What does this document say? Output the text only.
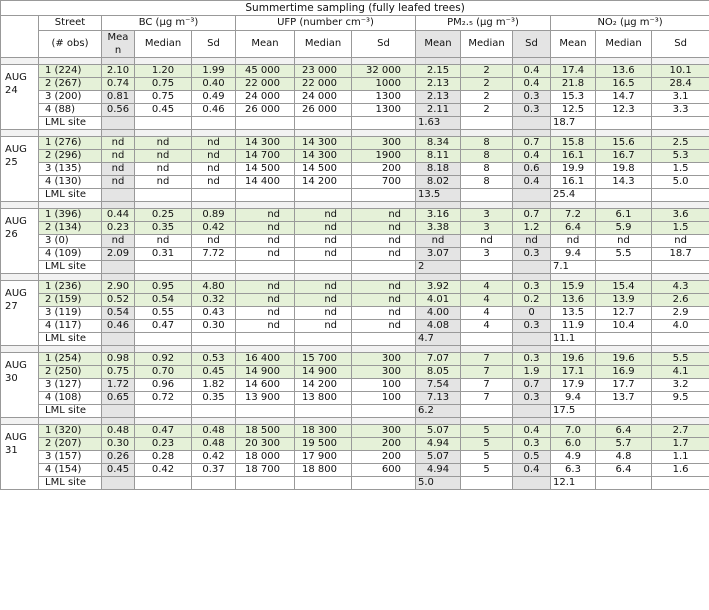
Summertime sampling (fully leafed trees)													
	Street	BC (µg m⁻³)			UFP (number cm⁻³)			PM₂.₅ (µg m⁻³)			NO₂ (µg m⁻³)		
	(# obs)	Mea
n	Median	Sd	Mean	Median	Sd	Mean	Median	Sd	Mean	Median	Sd

AUG
24	1 (224)	2.10	1.20	1.99	45 000	23 000	32 000	2.15	2	0.4	17.4	13.6	10.1
	2 (267)	0.74	0.75	0.40	22 000	22 000	1000	2.13	2	0.4	21.8	16.5	28.4
	3 (200)	0.81	0.75	0.49	24 000	24 000	1300	2.13	2	0.3	15.3	14.7	3.1
	4 (88)	0.56	0.45	0.46	26 000	26 000	1300	2.11	2	0.3	12.5	12.3	3.3
	LML site							1.63			18.7		

AUG
25	1 (276)	nd	nd	nd	14 300	14 300	300	8.34	8	0.7	15.8	15.6	2.5
	2 (296)	nd	nd	nd	14 700	14 300	1900	8.11	8	0.4	16.1	16.7	5.3
	3 (135)	nd	nd	nd	14 500	14 500	200	8.18	8	0.6	19.9	19.8	1.5
	4 (130)	nd	nd	nd	14 400	14 200	700	8.02	8	0.4	16.1	14.3	5.0
	LML site							13.5			25.4		

AUG
26	1 (396)	0.44	0.25	0.89	nd	nd	nd	3.16	3	0.7	7.2	6.1	3.6
	2 (134)	0.23	0.35	0.42	nd	nd	nd	3.38	3	1.2	6.4	5.9	1.5
	3 (0)	nd	nd	nd	nd	nd	nd	nd	nd	nd	nd	nd	nd
	4 (109)	2.09	0.31	7.72	nd	nd	nd	3.07	3	0.3	9.4	5.5	18.7
	LML site							2			7.1		

AUG
27	1 (236)	2.90	0.95	4.80	nd	nd	nd	3.92	4	0.3	15.9	15.4	4.3
	2 (159)	0.52	0.54	0.32	nd	nd	nd	4.01	4	0.2	13.6	13.9	2.6
	3 (119)	0.54	0.55	0.43	nd	nd	nd	4.00	4	0	13.5	12.7	2.9
	4 (117)	0.46	0.47	0.30	nd	nd	nd	4.08	4	0.3	11.9	10.4	4.0
	LML site							4.7			11.1		

AUG
30	1 (254)	0.98	0.92	0.53	16 400	15 700	300	7.07	7	0.3	19.6	19.6	5.5
	2 (250)	0.75	0.70	0.45	14 900	14 900	300	8.05	7	1.9	17.1	16.9	4.1
	3 (127)	1.72	0.96	1.82	14 600	14 200	100	7.54	7	0.7	17.9	17.7	3.2
	4 (108)	0.65	0.72	0.35	13 900	13 800	100	7.13	7	0.3	9.4	13.7	9.5
	LML site							6.2			17.5		

AUG
31	1 (320)	0.48	0.47	0.48	18 500	18 300	300	5.07	5	0.4	7.0	6.4	2.7
	2 (207)	0.30	0.23	0.48	20 300	19 500	200	4.94	5	0.3	6.0	5.7	1.7
	3 (157)	0.26	0.28	0.42	18 000	17 900	200	5.07	5	0.5	4.9	4.8	1.1
	4 (154)	0.45	0.42	0.37	18 700	18 800	600	4.94	5	0.4	6.3	6.4	1.6
	LML site							5.0			12.1		
